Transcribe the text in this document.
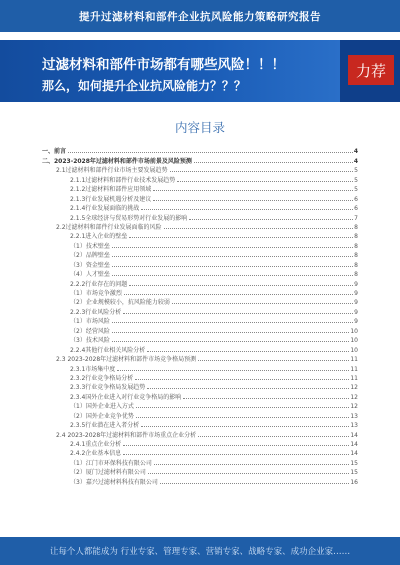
提升过滤材料和部件企业抗风险能力策略研究报告
过滤材料和部件市场都有哪些风险！！！
那么，如何提升企业抗风险能力？？？
力荐
内容目录
一、前言	4
二、2023-2028年过滤材料和部件市场前景及风险预测	4
2.1过滤材料和部件行业市场主要发展趋势	5
2.1.1过滤材料和部件行业技术发展趋势	5
2.1.2过滤材料和部件应用领域	5
2.1.3行业发展机遇分析及建议	6
2.1.4行业发展面临的挑战	6
2.1.5全球经济与贸易形势对行业发展的影响	7
2.2过滤材料和部件行业发展面临的风险	8
2.2.1进入企业的壁垒	8
（1）技术壁垒	8
（2）品牌壁垒	8
（3）资金壁垒	8
（4）人才壁垒	8
2.2.2行业存在的问题	9
（1）市场竞争激烈	9
（2）企业规模较小，抗风险能力较弱	9
2.2.3行业风险分析	9
（1）市场风险	9
（2）经营风险	10
（3）技术风险	10
2.2.4其他行业相关风险分析	10
2.3 2023-2028年过滤材料和部件市场竞争格局预测	11
2.3.1市场集中度	11
2.3.2行业竞争格局分析	11
2.3.3行业竞争格局发展趋势	12
2.3.4国外企业进入对行业竞争格局的影响	12
（1）国外企业进入方式	12
（2）国外企业竞争优势	13
2.3.5行业潜在进入者分析	13
2.4 2023-2028年过滤材料和部件市场重点企业分析	14
2.4.1重点企业分析	14
2.4.2企业基本信息	14
（1）江门市环保科技有限公司	15
（2）厦门过滤材料有限公司	15
（3）嘉兴过滤材料科技有限公司	16
让每个人都能成为 行业专家、管理专家、营销专家、战略专家、成功企业家……
